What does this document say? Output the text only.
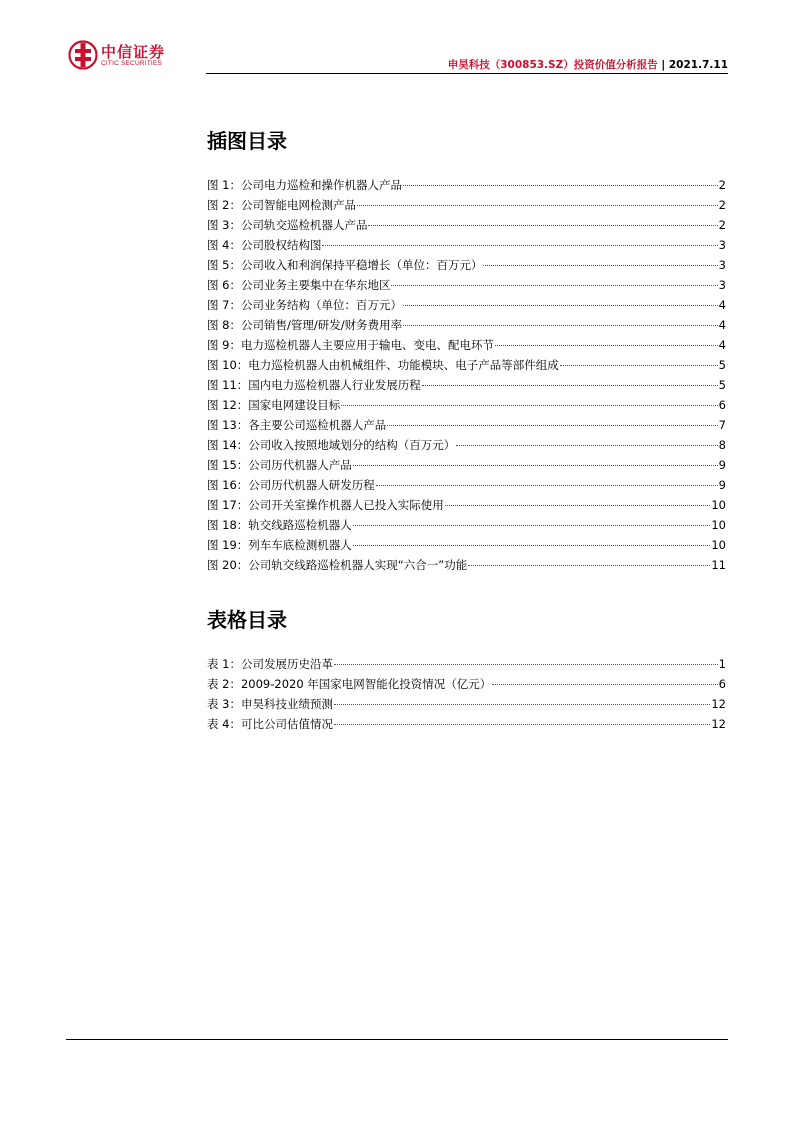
中信证券
CITIC SECURITIES	申昊科技（300853.SZ）投资价值分析报告 | 2021.7.11
插图目录
图 1：公司电力巡检和操作机器人产品	2
图 2：公司智能电网检测产品	2
图 3：公司轨交巡检机器人产品	2
图 4：公司股权结构图	3
图 5：公司收入和利润保持平稳增长（单位：百万元）	3
图 6：公司业务主要集中在华东地区	3
图 7：公司业务结构（单位：百万元）	4
图 8：公司销售/管理/研发/财务费用率	4
图 9：电力巡检机器人主要应用于输电、变电、配电环节	4
图 10：电力巡检机器人由机械组件、功能模块、电子产品等部件组成	5
图 11：国内电力巡检机器人行业发展历程	5
图 12：国家电网建设目标	6
图 13：各主要公司巡检机器人产品	7
图 14：公司收入按照地域划分的结构（百万元）	8
图 15：公司历代机器人产品	9
图 16：公司历代机器人研发历程	9
图 17：公司开关室操作机器人已投入实际使用	10
图 18：轨交线路巡检机器人	10
图 19：列车车底检测机器人	10
图 20：公司轨交线路巡检机器人实现“六合一”功能	11
表格目录
表 1：公司发展历史沿革	1
表 2：2009-2020 年国家电网智能化投资情况（亿元）	6
表 3：申昊科技业绩预测	12
表 4：可比公司估值情况	12
